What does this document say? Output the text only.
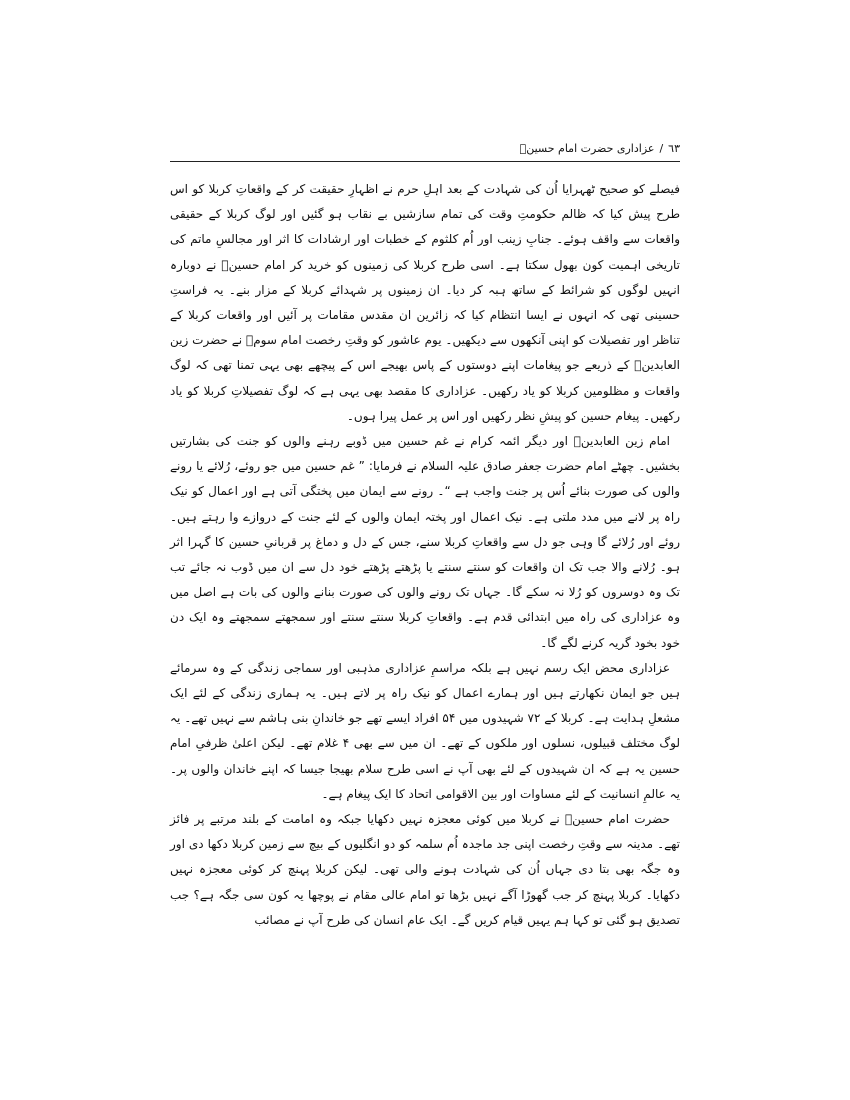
٦٣/عزاداری حضرت امام حسینؑ

فیصلے کو صحیح ٹھہرایا اُن کی شہادت کے بعد اہلِ حرم نے اظہارِ حقیقت کر کے واقعاتِ کربلا کو اس طرح پیش کیا کہ ظالم حکومتِ وقت کی تمام سازشیں بے نقاب ہو گئیں اور لوگ کربلا کے حقیقی واقعات سے واقف ہوئے۔ جنابِ زینب اور اُم کلثوم کے خطبات اور ارشادات کا اثر اور مجالسِ ماتم کی تاریخی اہمیت کون بھول سکتا ہے۔ اسی طرح کربلا کی زمینوں کو خرید کر امام حسینؑ نے دوبارہ انہیں لوگوں کو شرائط کے ساتھ ہبہ کر دیا۔ ان زمینوں پر شہدائے کربلا کے مزار بنے۔ یہ فراستِ حسینی تھی کہ انہوں نے ایسا انتظام کیا کہ زائرین ان مقدس مقامات پر آئیں اور واقعات کربلا کے تناظر اور تفصیلات کو اپنی آنکھوں سے دیکھیں۔ یوم عاشور کو وقتِ رخصت امام سومؑ نے حضرت زین العابدینؑ کے ذریعے جو پیغامات اپنے دوستوں کے پاس بھیجے اس کے پیچھے بھی یہی تمنا تھی کہ لوگ واقعات و مظلومین کربلا کو یاد رکھیں۔ عزاداری کا مقصد بھی یہی ہے کہ لوگ تفصیلاتِ کربلا کو یاد رکھیں۔ پیغام حسین کو پیشِ نظر رکھیں اور اس پر عمل پیرا ہوں۔

امام زین العابدینؑ اور دیگر ائمہ کرام نے غم حسین میں ڈوبے رہنے والوں کو جنت کی بشارتیں بخشیں۔ چھٹے امام حضرت جعفر صادق علیہ السلام نے فرمایا: ” غم حسین میں جو روئے، رُلائے یا رونے والوں کی صورت بنائے اُس پر جنت واجب ہے “۔ رونے سے ایمان میں پختگی آتی ہے اور اعمال کو نیک راہ پر لانے میں مدد ملتی ہے۔ نیک اعمال اور پختہ ایمان والوں کے لئے جنت کے دروازے وا رہتے ہیں۔ روئے اور رُلائے گا وہی جو دل سے واقعاتِ کربلا سنے، جس کے دل و دماغ پر قربانیِ حسین کا گہرا اثر ہو۔ رُلانے والا جب تک ان واقعات کو سنتے سنتے یا پڑھتے پڑھتے خود دل سے ان میں ڈوب نہ جائے تب تک وہ دوسروں کو رُلا نہ سکے گا۔ جہاں تک رونے والوں کی صورت بنانے والوں کی بات ہے اصل میں وہ عزاداری کی راہ میں ابتدائی قدم ہے۔ واقعاتِ کربلا سنتے سنتے اور سمجھتے سمجھتے وہ ایک دن خود بخود گریہ کرنے لگے گا۔

عزاداری محض ایک رسم نہیں ہے بلکہ مراسمِ عزاداری مذہبی اور سماجی زندگی کے وہ سرمائے ہیں جو ایمان نکھارتے ہیں اور ہمارے اعمال کو نیک راہ پر لاتے ہیں۔ یہ ہماری زندگی کے لئے ایک مشعلِ ہدایت ہے۔ کربلا کے ۷۲ شہیدوں میں ۵۴ افراد ایسے تھے جو خاندانِ بنی ہاشم سے نہیں تھے۔ یہ لوگ مختلف قبیلوں، نسلوں اور ملکوں کے تھے۔ ان میں سے بھی ۴ غلام تھے۔ لیکن اعلیٰ ظرفیِ امام حسین یہ ہے کہ ان شہیدوں کے لئے بھی آپ نے اسی طرح سلام بھیجا جیسا کہ اپنے خاندان والوں پر۔ یہ عالمِ انسانیت کے لئے مساوات اور بین الاقوامی اتحاد کا ایک پیغام ہے۔

حضرت امام حسینؑ نے کربلا میں کوئی معجزہ نہیں دکھایا جبکہ وہ امامت کے بلند مرتبے پر فائز تھے۔ مدینہ سے وقتِ رخصت اپنی جد ماجدہ اُم سلمہ کو دو انگلیوں کے بیچ سے زمین کربلا دکھا دی اور وہ جگہ بھی بتا دی جہاں اُن کی شہادت ہونے والی تھی۔ لیکن کربلا پہنچ کر کوئی معجزہ نہیں دکھایا۔ کربلا پہنچ کر جب گھوڑا آگے نہیں بڑھا تو امام عالی مقام نے پوچھا یہ کون سی جگہ ہے؟ جب تصدیق ہو گئی تو کہا ہم یہیں قیام کریں گے۔ ایک عام انسان کی طرح آپ نے مصائب
